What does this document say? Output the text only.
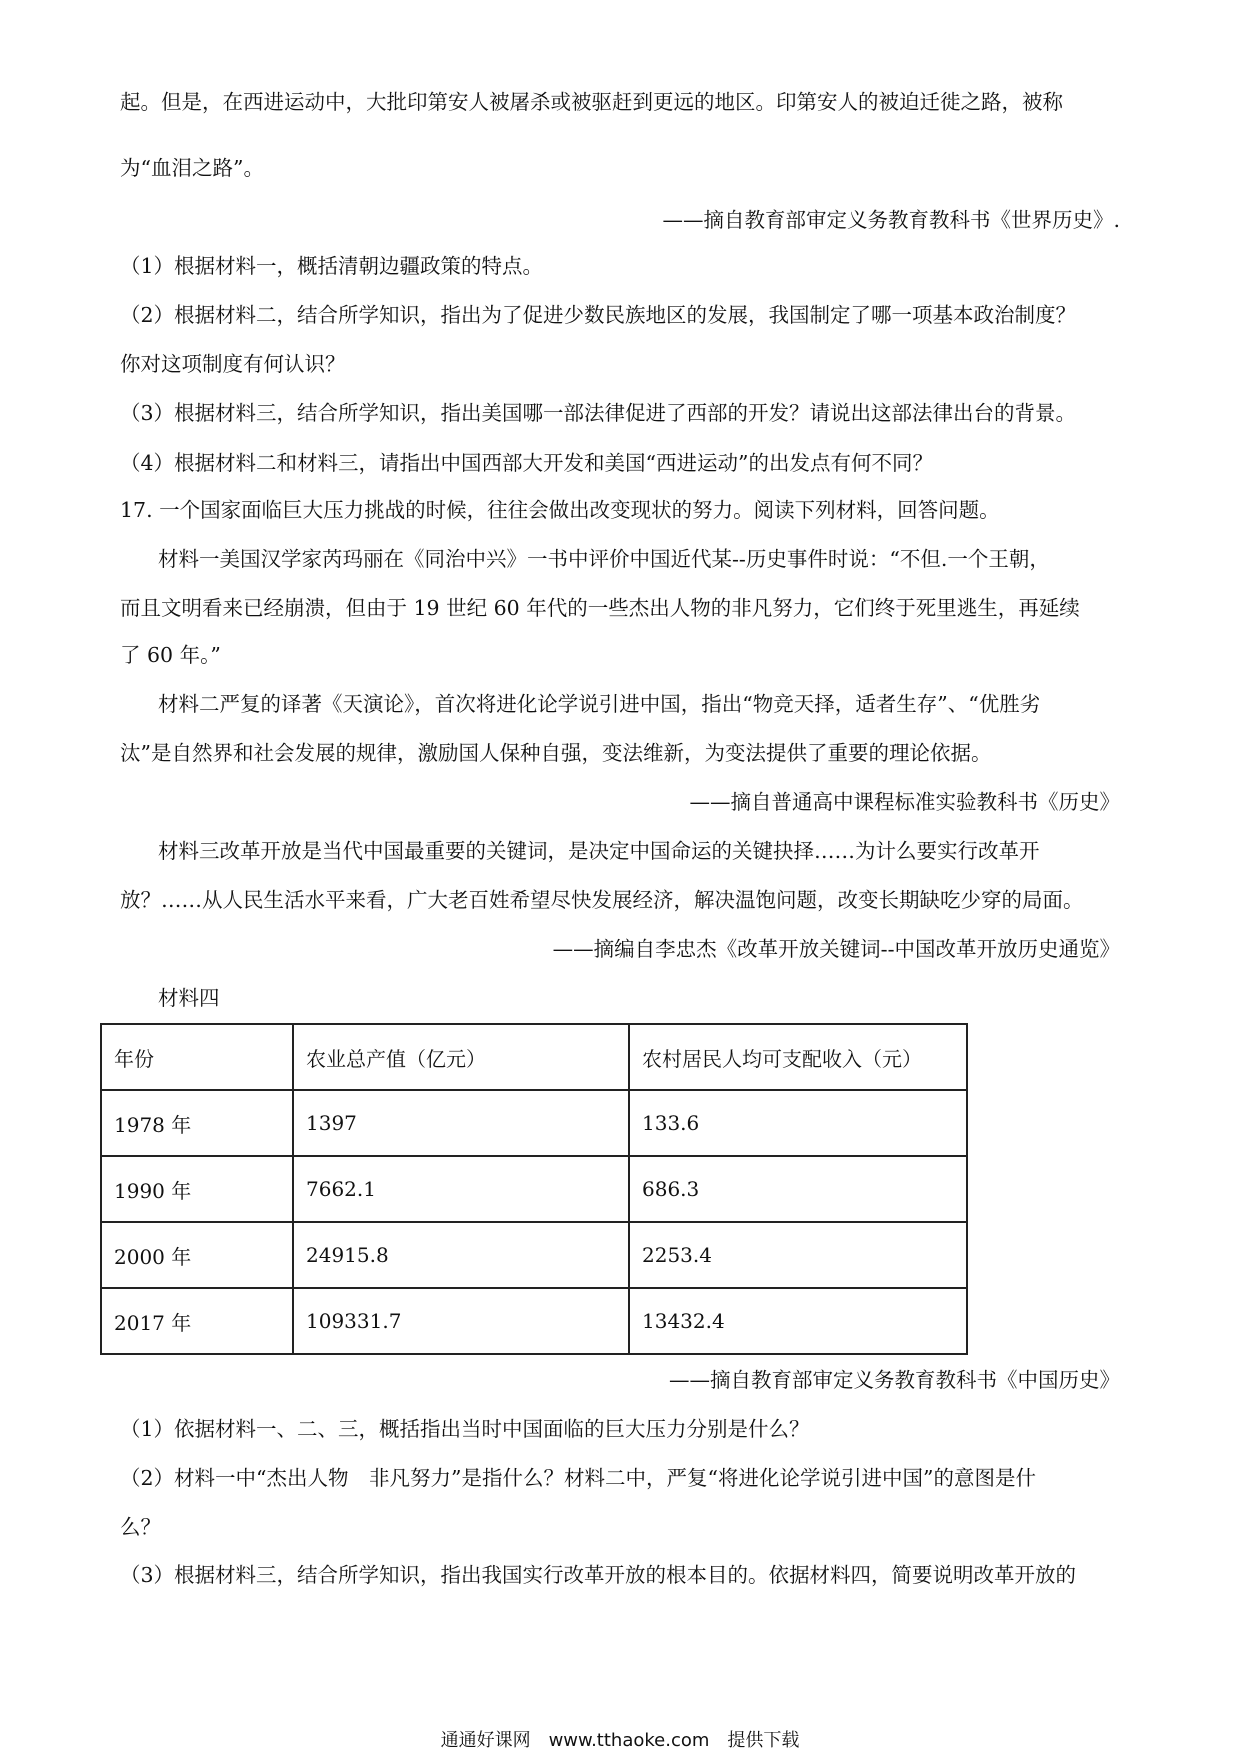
起。但是，在西进运动中，大批印第安人被屠杀或被驱赶到更远的地区。印第安人的被迫迁徙之路，被称
为“血泪之路”。
——摘自教育部审定义务教育教科书《世界历史》.
（1）根据材料一，概括清朝边疆政策的特点。
（2）根据材料二，结合所学知识，指出为了促进少数民族地区的发展，我国制定了哪一项基本政治制度？
你对这项制度有何认识？
（3）根据材料三，结合所学知识，指出美国哪一部法律促进了西部的开发？请说出这部法律出台的背景。
（4）根据材料二和材料三，请指出中国西部大开发和美国“西进运动”的出发点有何不同？
17. 一个国家面临巨大压力挑战的时候，往往会做出改变现状的努力。阅读下列材料，回答问题。
材料一美国汉学家芮玛丽在《同治中兴》一书中评价中国近代某--历史事件时说：“不但.一个王朝，
而且文明看来已经崩溃，但由于 19 世纪 60 年代的一些杰出人物的非凡努力，它们终于死里逃生，再延续
了 60 年。”
材料二严复的译著《天演论》，首次将进化论学说引进中国，指出“物竞天择，适者生存”、“优胜劣
汰”是自然界和社会发展的规律，激励国人保种自强，变法维新，为变法提供了重要的理论依据。
——摘自普通高中课程标准实验教科书《历史》
材料三改革开放是当代中国最重要的关键词，是决定中国命运的关键抉择……为计么要实行改革开
放？……从人民生活水平来看，广大老百姓希望尽快发展经济，解决温饱问题，改变长期缺吃少穿的局面。
——摘编自李忠杰《改革开放关键词--中国改革开放历史通览》
材料四
年份	农业总产值（亿元）	农村居民人均可支配收入（元）
1978 年	1397	133.6
1990 年	7662.1	686.3
2000 年	24915.8	2253.4
2017 年	109331.7	13432.4
——摘自教育部审定义务教育教科书《中国历史》
（1）依据材料一、二、三，概括指出当时中国面临的巨大压力分别是什么？
（2）材料一中“杰出人物　非凡努力”是指什么？材料二中，严复“将进化论学说引进中国”的意图是什
么？
（3）根据材料三，结合所学知识，指出我国实行改革开放的根本目的。依据材料四，简要说明改革开放的
通通好课网　www.tthaoke.com　提供下载
